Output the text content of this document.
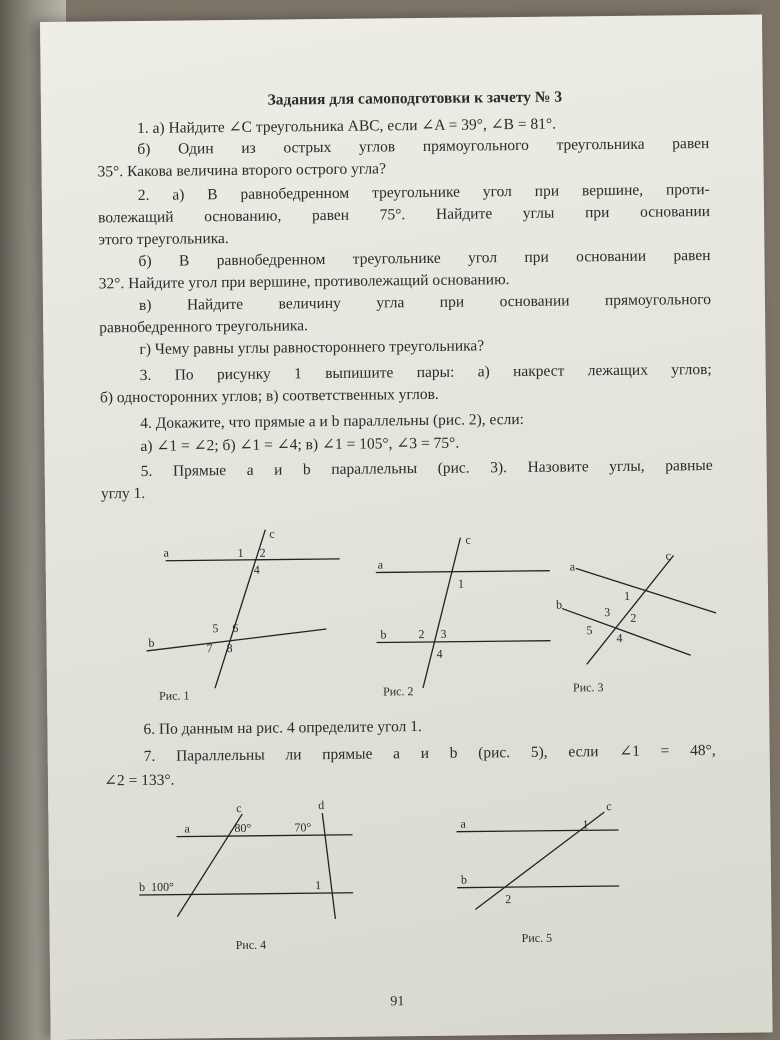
Задания для самоподготовки к зачету № 3
1. а) Найдите ∠C треугольника ABC, если ∠A = 39°, ∠B = 81°.
б) Один из острых углов прямоугольного треугольника равен
35°. Какова величина второго острого угла?
2. а) В равнобедренном треугольнике угол при вершине, проти-
волежащий основанию, равен 75°. Найдите углы при основании
этого треугольника.
б) В равнобедренном треугольнике угол при основании равен
32°. Найдите угол при вершине, противолежащий основанию.
в) Найдите величину угла при основании прямоугольного
равнобедренного треугольника.
г) Чему равны углы равностороннего треугольника?
3. По рисунку 1 выпишите пары: а) накрест лежащих углов;
б) односторонних углов; в) соответственных углов.
4. Докажите, что прямые a и b параллельны (рис. 2), если:
а) ∠1 = ∠2; б) ∠1 = ∠4; в) ∠1 = 105°, ∠3 = 75°.
5. Прямые a и b параллельны (рис. 3). Назовите углы, равные
углу 1.
a
b
c
1 2
4
5 6
7 8
a
b
c
1
2 3
4
a
b
c
1
2
3
4
5
Рис. 1	Рис. 2	Рис. 3
6. По данным на рис. 4 определите угол 1.
7. Параллельны ли прямые a и b (рис. 5), если ∠1 = 48°,
∠2 = 133°.
a
b
c	d
80°	70°
100°	1
a
b
c
1
2
Рис. 4	Рис. 5
91
